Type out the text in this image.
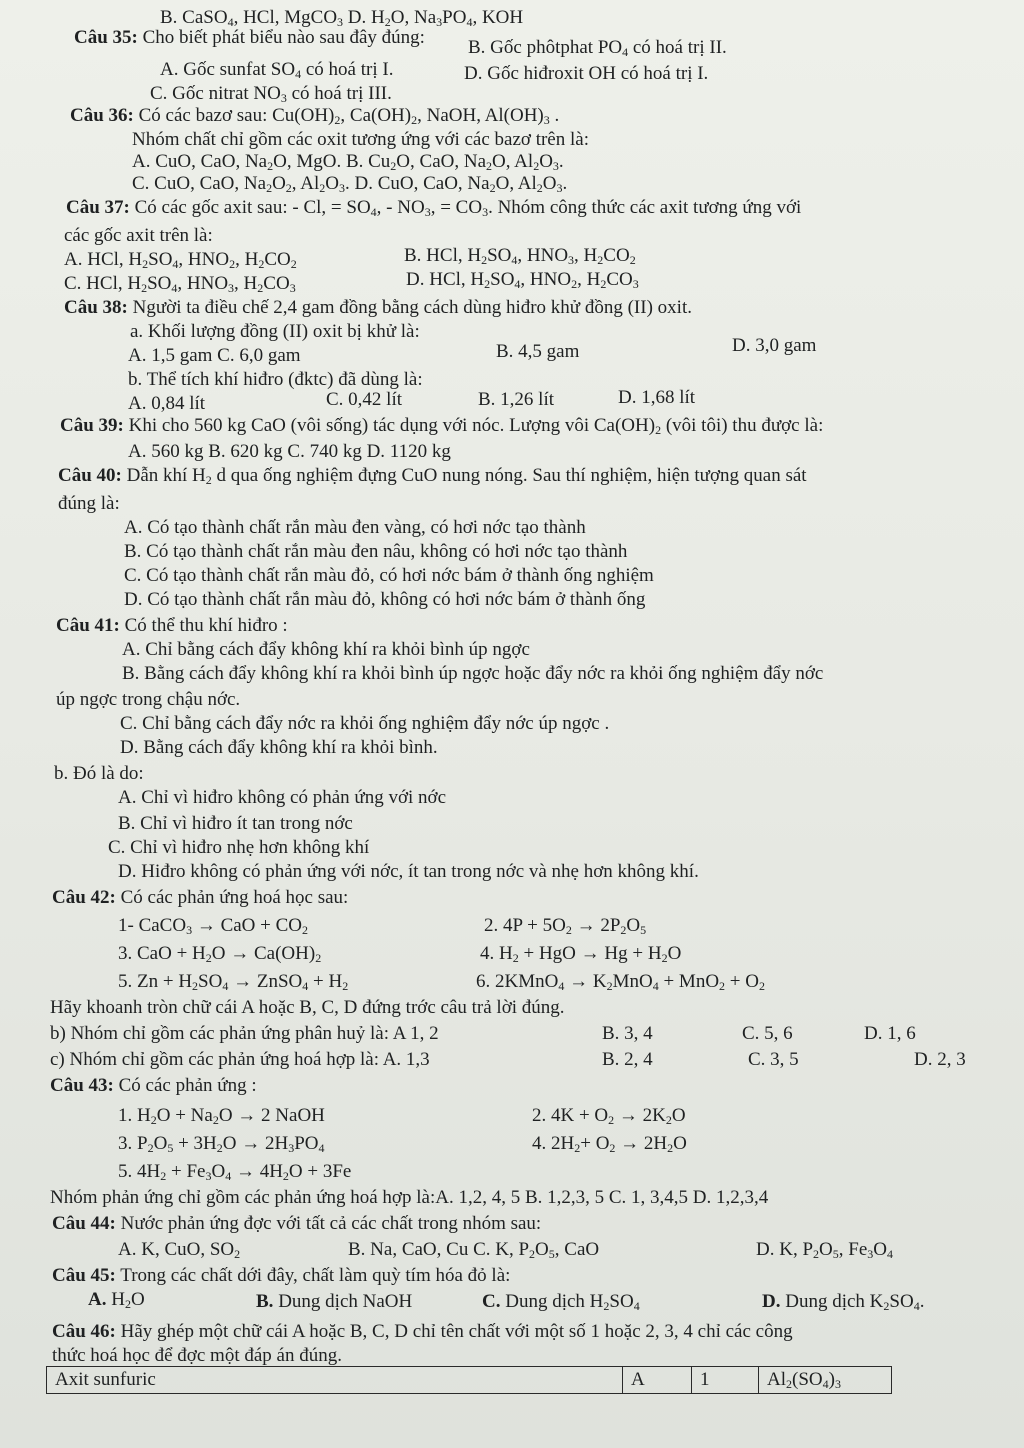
B. CaSO$_4$, HCl, MgCO$_3$ D. $H_2O$, $Na_3PO_4$, KOH
Câu 35: Cho biết phát biểu nào sau đây đúng:
A. Gốc sunfat $SO_4$ có hoá trị I.
B. Gốc phôtphat $PO_4$ có hoá trị II.
C. Gốc nitrat $NO_3$ có hoá trị III.
D. Gốc hiđroxit OH có hoá trị I.
Câu 36: Có các bazơ sau: $Cu(OH)_2$, $Ca(OH)_2$, NaOH, $Al(OH)_3$ .
Nhóm chất chỉ gồm các oxit tương ứng với các bazơ trên là:
A. CuO, CaO, $Na_2O$, MgO. B. $Cu_2O$, CaO, $Na_2O$, $Al_2O_3$.
C. CuO, CaO, $Na_2O_2$, $Al_2O_3$. D. CuO, CaO, $Na_2O$, $Al_2O_3$.
Câu 37: Có các gốc axit sau: - Cl, = $SO_4$, - $NO_3$, = $CO_3$. Nhóm công thức các axit tương ứng với
các gốc axit trên là:
A. HCl, $H_2SO_4$, $HNO_2$, $H_2CO_2$	B. HCl, $H_2SO_4$, $HNO_3$, $H_2CO_2$
C. HCl, $H_2SO_4$, $HNO_3$, $H_2CO_3$	D. HCl, $H_2SO_4$, $HNO_2$, $H_2CO_3$
Câu 38: Người ta điều chế 2,4 gam đồng bằng cách dùng hiđro khử đồng (II) oxit.
a. Khối lượng đồng (II) oxit bị khử là:
A. 1,5 gam C. 6,0 gam	B. 4,5 gam	D. 3,0 gam
b. Thể tích khí hiđro (đktc) đã dùng là:
A. 0,84 lít	C. 0,42 lít	B. 1,26 lít	D. 1,68 lít
Câu 39: Khi cho 560 kg CaO (vôi sống) tác dụng với nóc. Lượng vôi $Ca(OH)_2$ (vôi tôi) thu được là:
A. 560 kg B. 620 kg C. 740 kg D. 1120 kg
Câu 40: Dẫn khí $H_2$ d qua ống nghiệm đựng CuO nung nóng. Sau thí nghiệm, hiện tượng quan sát
đúng là:
A. Có tạo thành chất rắn màu đen vàng, có hơi nớc tạo thành
B. Có tạo thành chất rắn màu đen nâu, không có hơi nớc tạo thành
C. Có tạo thành chất rắn màu đỏ, có hơi nớc bám ở thành ống nghiệm
D. Có tạo thành chất rắn màu đỏ, không có hơi nớc bám ở thành ống
Câu 41: Có thể thu khí hiđro :
A. Chỉ bằng cách đẩy không khí ra khỏi bình úp ngợc
B. Bằng cách đẩy không khí ra khỏi bình úp ngợc hoặc đẩy nớc ra khỏi ống nghiệm đẩy nớc
úp ngợc trong chậu nớc.
C. Chỉ bằng cách đẩy nớc ra khỏi ống nghiệm đẩy nớc úp ngợc .
D. Bằng cách đẩy không khí ra khỏi bình.
b. Đó là do:
A. Chỉ vì hiđro không có phản ứng với nớc
B. Chỉ vì hiđro ít tan trong nớc
C. Chỉ vì hiđro nhẹ hơn không khí
D. Hiđro không có phản ứng với nớc, ít tan trong nớc và nhẹ hơn không khí.
Câu 42: Có các phản ứng hoá học sau:
1- CaCO$_3$ → CaO + $CO_2$	2. $4P + 5O_2 \to 2P_2O_5$
3. CaO + $H_2O \to Ca(OH)_2$	4. $H_2$ + HgO → $Hg + H_2O$
5. $Zn + H_2SO_4$ → ZnSO$_4$ + $H_2$	6. 2KMnO$_4$ → $K_2MnO_4 + MnO_2 + O_2$
Hãy khoanh tròn chữ cái A hoặc B, C, D đứng trớc câu trả lời đúng.
b) Nhóm chỉ gồm các phản ứng phân huỷ là: A 1, 2	B. 3, 4	C. 5, 6	D. 1, 6
c) Nhóm chỉ gồm các phản ứng hoá hợp là: A. 1,3	B. 2, 4	C. 3, 5	D. 2, 3
Câu 43: Có các phản ứng :
1. $H_2O + Na_2O \to 2$ NaOH	2. $4K + O_2 \to 2K_2O$
3. $P_2O_5 + 3H_2O \to 2H_3PO_4$	4. $2H_2+ O_2 \to 2H_2O$
5. $4H_2 + Fe_3O_4 \to 4H_2O + 3Fe$
Nhóm phản ứng chỉ gồm các phản ứng hoá hợp là:A. 1,2, 4, 5 B. 1,2,3, 5 C. 1, 3,4,5 D. 1,2,3,4
Câu 44: Nước phản ứng đợc với tất cả các chất trong nhóm sau:
A. K, CuO, $SO_2$	B. Na, CaO, Cu C. K, $P_2O_5$, CaO	D. K, $P_2O_5$, $Fe_3O_4$
Câu 45: Trong các chất dới đây, chất làm quỳ tím hóa đỏ là:
A. $H_2O$	B. Dung dịch NaOH	C. Dung dịch $H_2SO_4$	D. Dung dịch $K_2SO_4$.
Câu 46: Hãy ghép một chữ cái A hoặc B, C, D chỉ tên chất với một số 1 hoặc 2, 3, 4 chỉ các công
thức hoá học để đợc một đáp án đúng.
Axit sunfuric	A	1	$Al_2(SO_4)_3$
